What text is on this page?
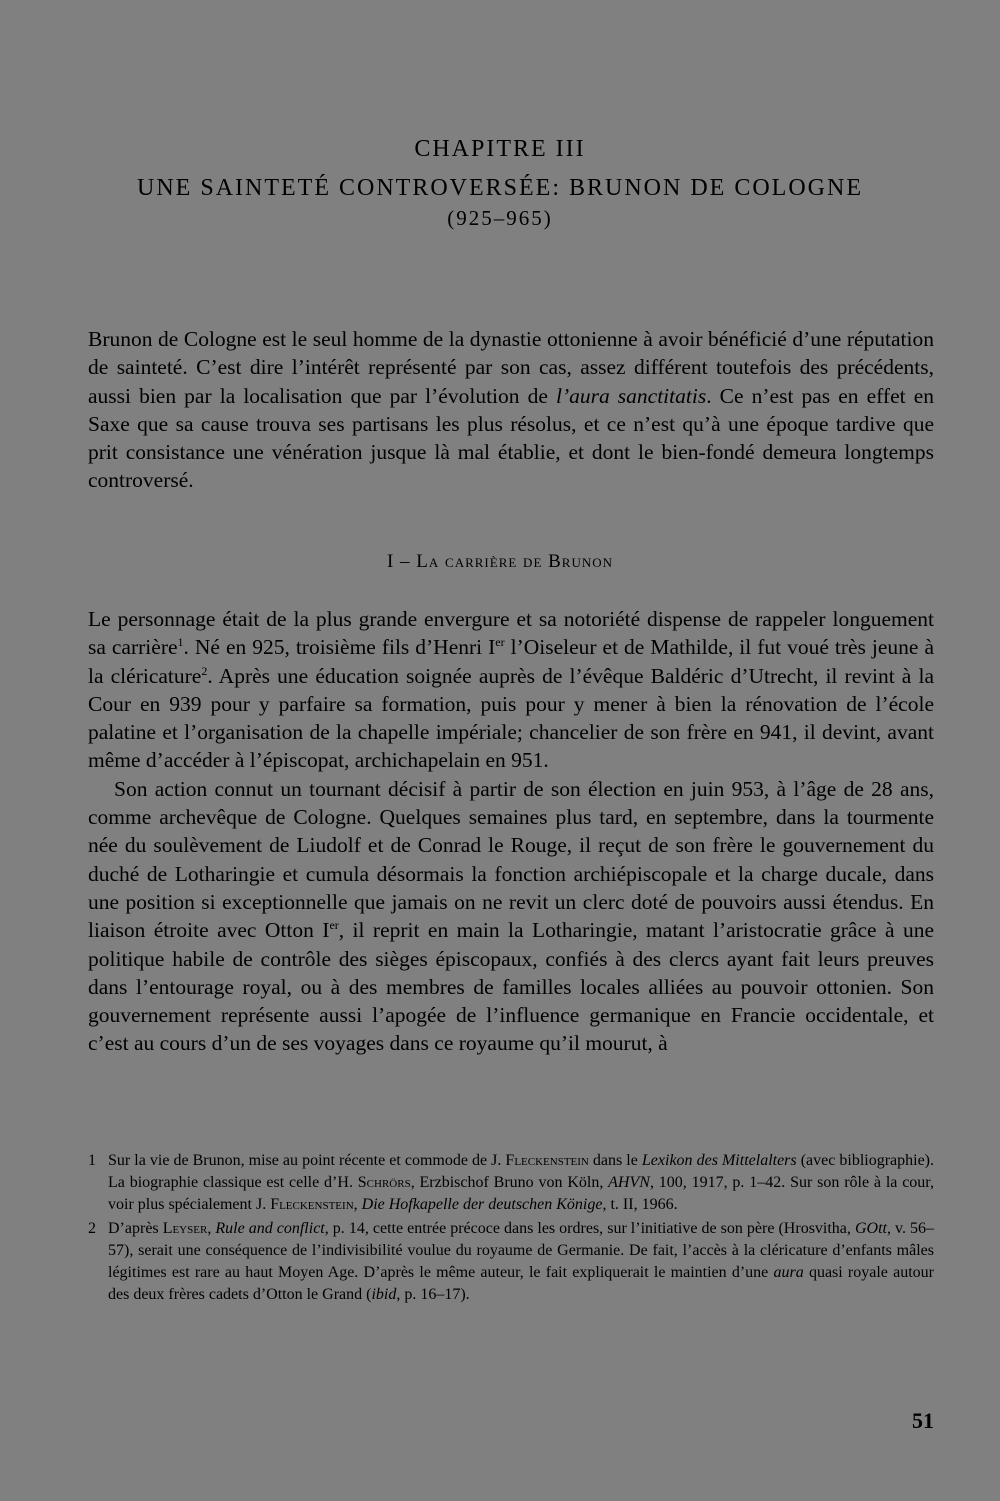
CHAPITRE III
UNE SAINTETÉ CONTROVERSÉE: BRUNON DE COLOGNE
(925–965)

Brunon de Cologne est le seul homme de la dynastie ottonienne à avoir bénéficié d’une réputation de sainteté. C’est dire l’intérêt représenté par son cas, assez différent toutefois des précédents, aussi bien par la localisation que par l’évolution de l’aura sanctitatis. Ce n’est pas en effet en Saxe que sa cause trouva ses partisans les plus résolus, et ce n’est qu’à une époque tardive que prit consistance une vénération jusque là mal établie, et dont le bien-fondé demeura longtemps controversé.

I – La carrière de Brunon

Le personnage était de la plus grande envergure et sa notoriété dispense de rappeler longuement sa carrière$^1$. Né en 925, troisième fils d’Henri Ier l’Oiseleur et de Mathilde, il fut voué très jeune à la cléricature$^2$. Après une éducation soignée auprès de l’évêque Baldéric d’Utrecht, il revint à la Cour en 939 pour y parfaire sa formation, puis pour y mener à bien la rénovation de l’école palatine et l’organisation de la chapelle impériale; chancelier de son frère en 941, il devint, avant même d’accéder à l’épiscopat, archichapelain en 951.

Son action connut un tournant décisif à partir de son élection en juin 953, à l’âge de 28 ans, comme archevêque de Cologne. Quelques semaines plus tard, en septembre, dans la tourmente née du soulèvement de Liudolf et de Conrad le Rouge, il reçut de son frère le gouvernement du duché de Lotharingie et cumula désormais la fonction archiépiscopale et la charge ducale, dans une position si exceptionnelle que jamais on ne revit un clerc doté de pouvoirs aussi étendus. En liaison étroite avec Otton Ier, il reprit en main la Lotharingie, matant l’aristocratie grâce à une politique habile de contrôle des sièges épiscopaux, confiés à des clercs ayant fait leurs preuves dans l’entourage royal, ou à des membres de familles locales alliées au pouvoir ottonien. Son gouvernement représente aussi l’apogée de l’influence germanique en Francie occidentale, et c’est au cours d’un de ses voyages dans ce royaume qu’il mourut, à

1 Sur la vie de Brunon, mise au point récente et commode de J. Fleckenstein dans le Lexikon des Mittelalters (avec bibliographie). La biographie classique est celle d’H. Schrörs, Erzbischof Bruno von Köln, AHVN, 100, 1917, p. 1–42. Sur son rôle à la cour, voir plus spécialement J. Fleckenstein, Die Hofkapelle der deutschen Könige, t. II, 1966.
2 D’après Leyser, Rule and conflict, p. 14, cette entrée précoce dans les ordres, sur l’initiative de son père (Hrosvitha, GOtt, v. 56–57), serait une conséquence de l’indivisibilité voulue du royaume de Germanie. De fait, l’accès à la cléricature d’enfants mâles légitimes est rare au haut Moyen Age. D’après le même auteur, le fait expliquerait le maintien d’une aura quasi royale autour des deux frères cadets d’Otton le Grand (ibid, p. 16–17).
51
